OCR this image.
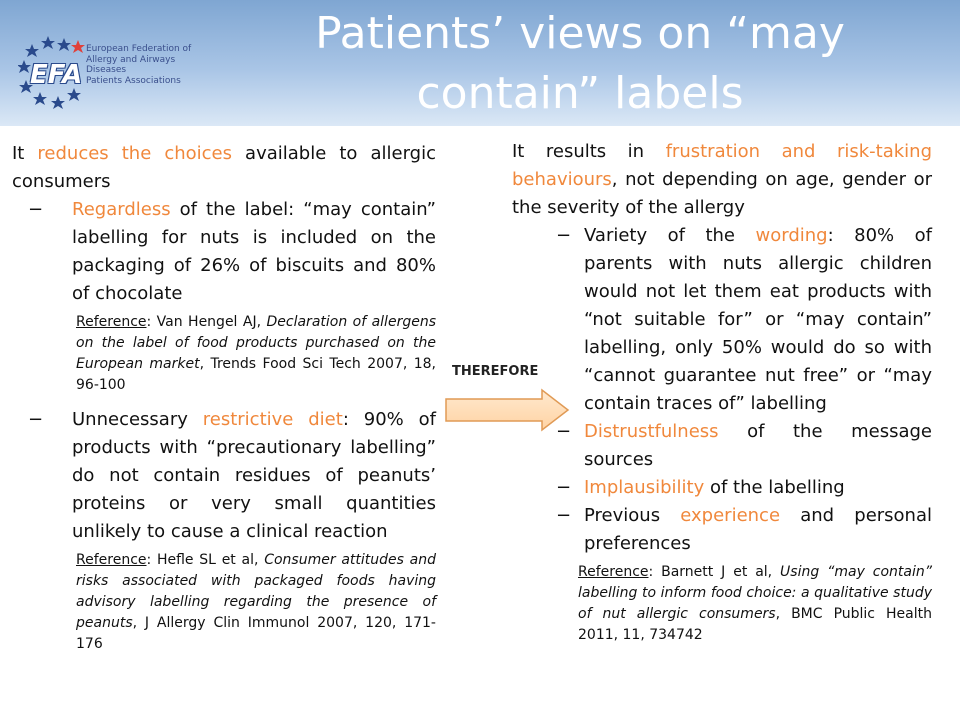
EFA
European Federation of
Allergy and Airways Diseases
Patients Associations
Patients’ views on “may
contain” labels

It reduces the choices available to allergic consumers

− Regardless of the label: “may contain” labelling for nuts is included on the packaging of 26% of biscuits and 80% of chocolate

Reference: Van Hengel AJ, Declaration of allergens on the label of food products purchased on the European market, Trends Food Sci Tech 2007, 18, 96-100

− Unnecessary restrictive diet: 90% of products with “precautionary labelling” do not contain residues of peanuts’ proteins or very small quantities unlikely to cause a clinical reaction

Reference: Hefle SL et al, Consumer attitudes and risks associated with packaged foods having advisory labelling regarding the presence of peanuts, J Allergy Clin Immunol 2007, 120, 171-176

THEREFORE

It results in frustration and risk-taking behaviours, not depending on age, gender or the severity of the allergy

− Variety of the wording: 80% of parents with nuts allergic children would not let them eat products with “not suitable for” or “may contain” labelling, only 50% would do so with “cannot guarantee nut free” or “may contain traces of” labelling

− Distrustfulness of the message sources

− Implausibility of the labelling

− Previous experience and personal preferences

Reference: Barnett J et al, Using “may contain” labelling to inform food choice: a qualitative study of nut allergic consumers, BMC Public Health 2011, 11, 734742
